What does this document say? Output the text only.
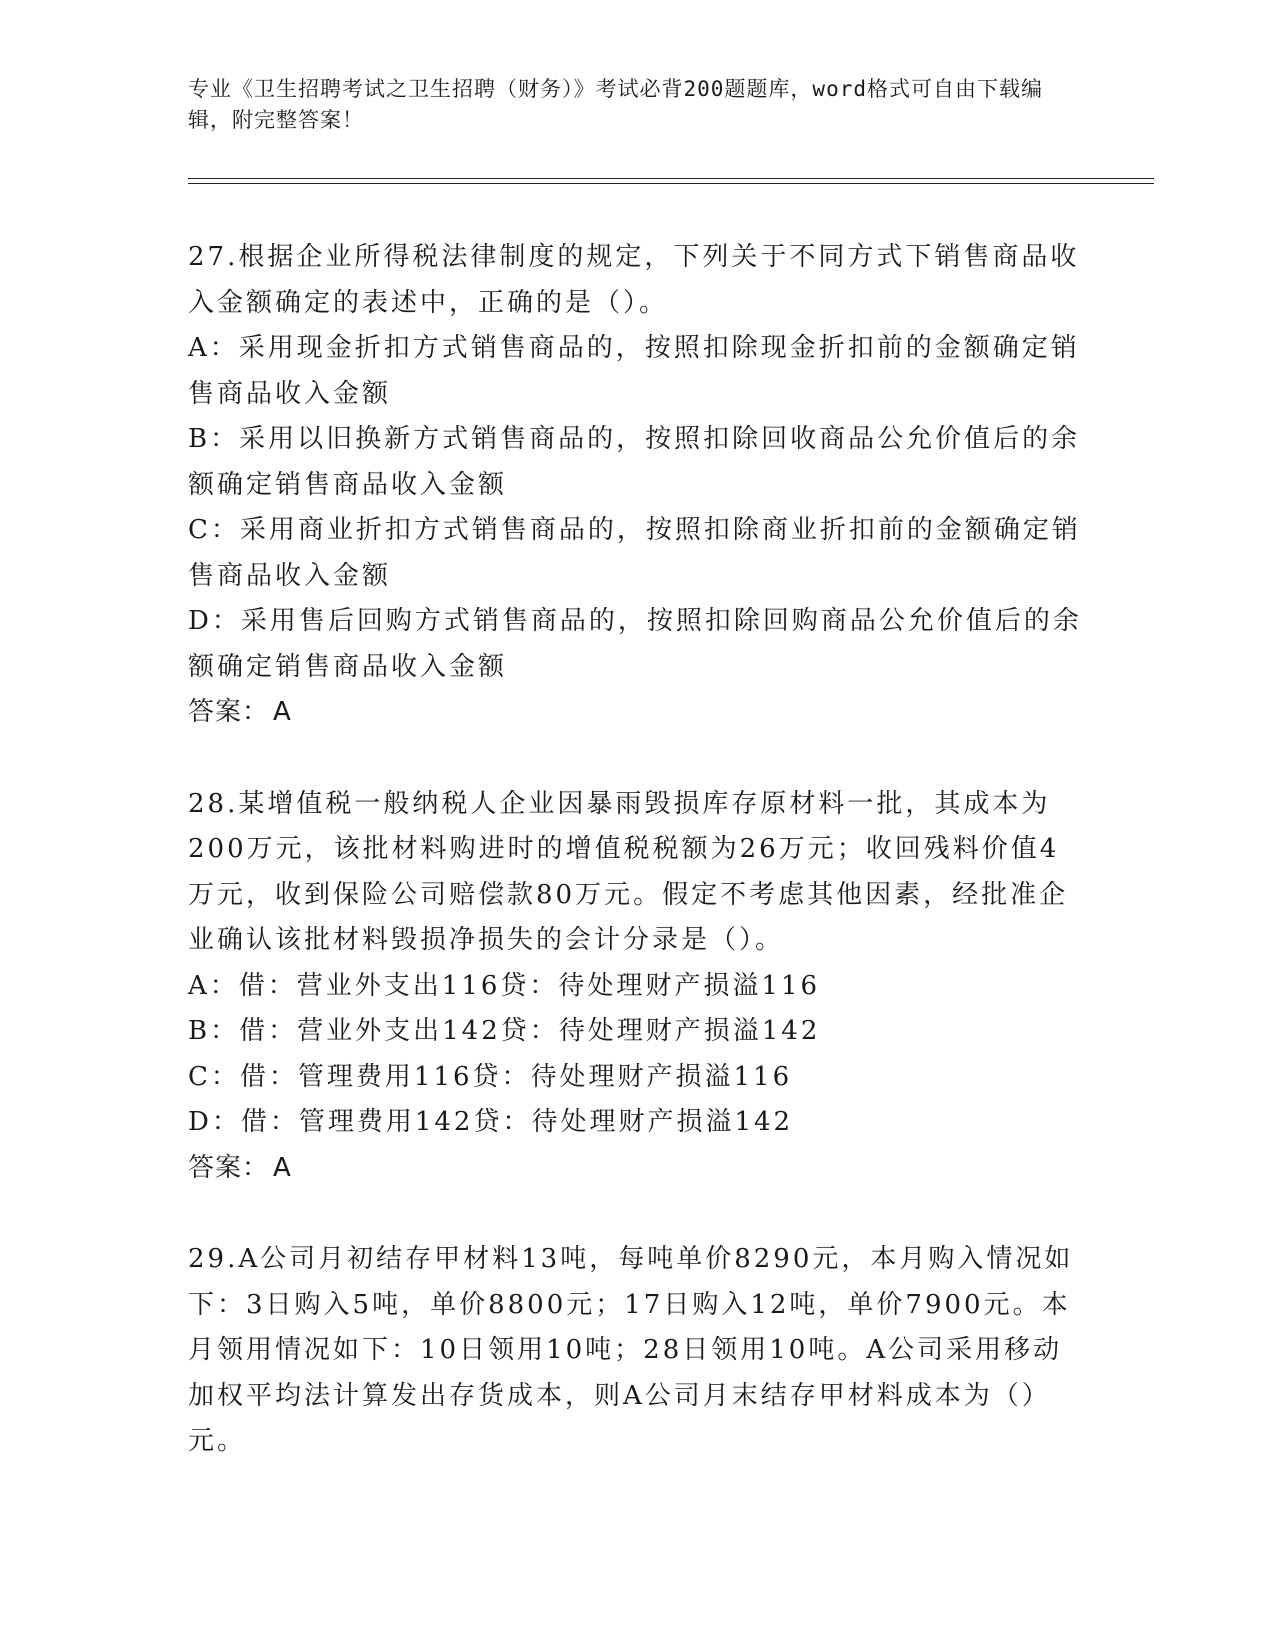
专业《卫生招聘考试之卫生招聘（财务）》考试必背200题题库，word格式可自由下载编辑，附完整答案！

27.根据企业所得税法律制度的规定，下列关于不同方式下销售商品收入金额确定的表述中，正确的是（）。

A：采用现金折扣方式销售商品的，按照扣除现金折扣前的金额确定销售商品收入金额

B：采用以旧换新方式销售商品的，按照扣除回收商品公允价值后的余额确定销售商品收入金额

C：采用商业折扣方式销售商品的，按照扣除商业折扣前的金额确定销售商品收入金额

D：采用售后回购方式销售商品的，按照扣除回购商品公允价值后的余额确定销售商品收入金额

答案： A

28.某增值税一般纳税人企业因暴雨毁损库存原材料一批，其成本为200万元，该批材料购进时的增值税税额为26万元；收回残料价值4万元，收到保险公司赔偿款80万元。假定不考虑其他因素，经批准企业确认该批材料毁损净损失的会计分录是（）。

A：借：营业外支出116贷：待处理财产损溢116

B：借：营业外支出142贷：待处理财产损溢142

C：借：管理费用116贷：待处理财产损溢116

D：借：管理费用142贷：待处理财产损溢142

答案： A

29.A公司月初结存甲材料13吨，每吨单价8290元，本月购入情况如下：3日购入5吨，单价8800元；17日购入12吨，单价7900元。本月领用情况如下：10日领用10吨；28日领用10吨。A公司采用移动加权平均法计算发出存货成本，则A公司月末结存甲材料成本为（）元。
